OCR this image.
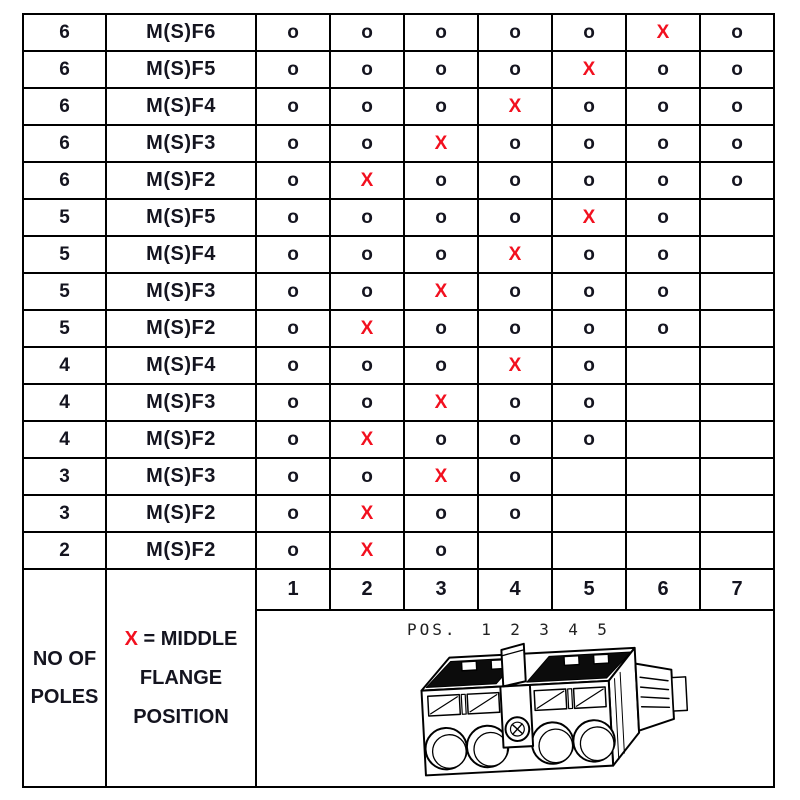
6	M(S)F6	o	o	o	o	o	X	o
6	M(S)F5	o	o	o	o	X	o	o
6	M(S)F4	o	o	o	X	o	o	o
6	M(S)F3	o	o	X	o	o	o	o
6	M(S)F2	o	X	o	o	o	o	o
5	M(S)F5	o	o	o	o	X	o	
5	M(S)F4	o	o	o	X	o	o	
5	M(S)F3	o	o	X	o	o	o	
5	M(S)F2	o	X	o	o	o	o	
4	M(S)F4	o	o	o	X	o		
4	M(S)F3	o	o	X	o	o		
4	M(S)F2	o	X	o	o	o		
3	M(S)F3	o	o	X	o			
3	M(S)F2	o	X	o	o			
2	M(S)F2	o	X	o				
NO OF POLES	X = MIDDLE
FLANGE
POSITION	1	2	3	4	5	6	7

POS.	1	2	3	4	5
